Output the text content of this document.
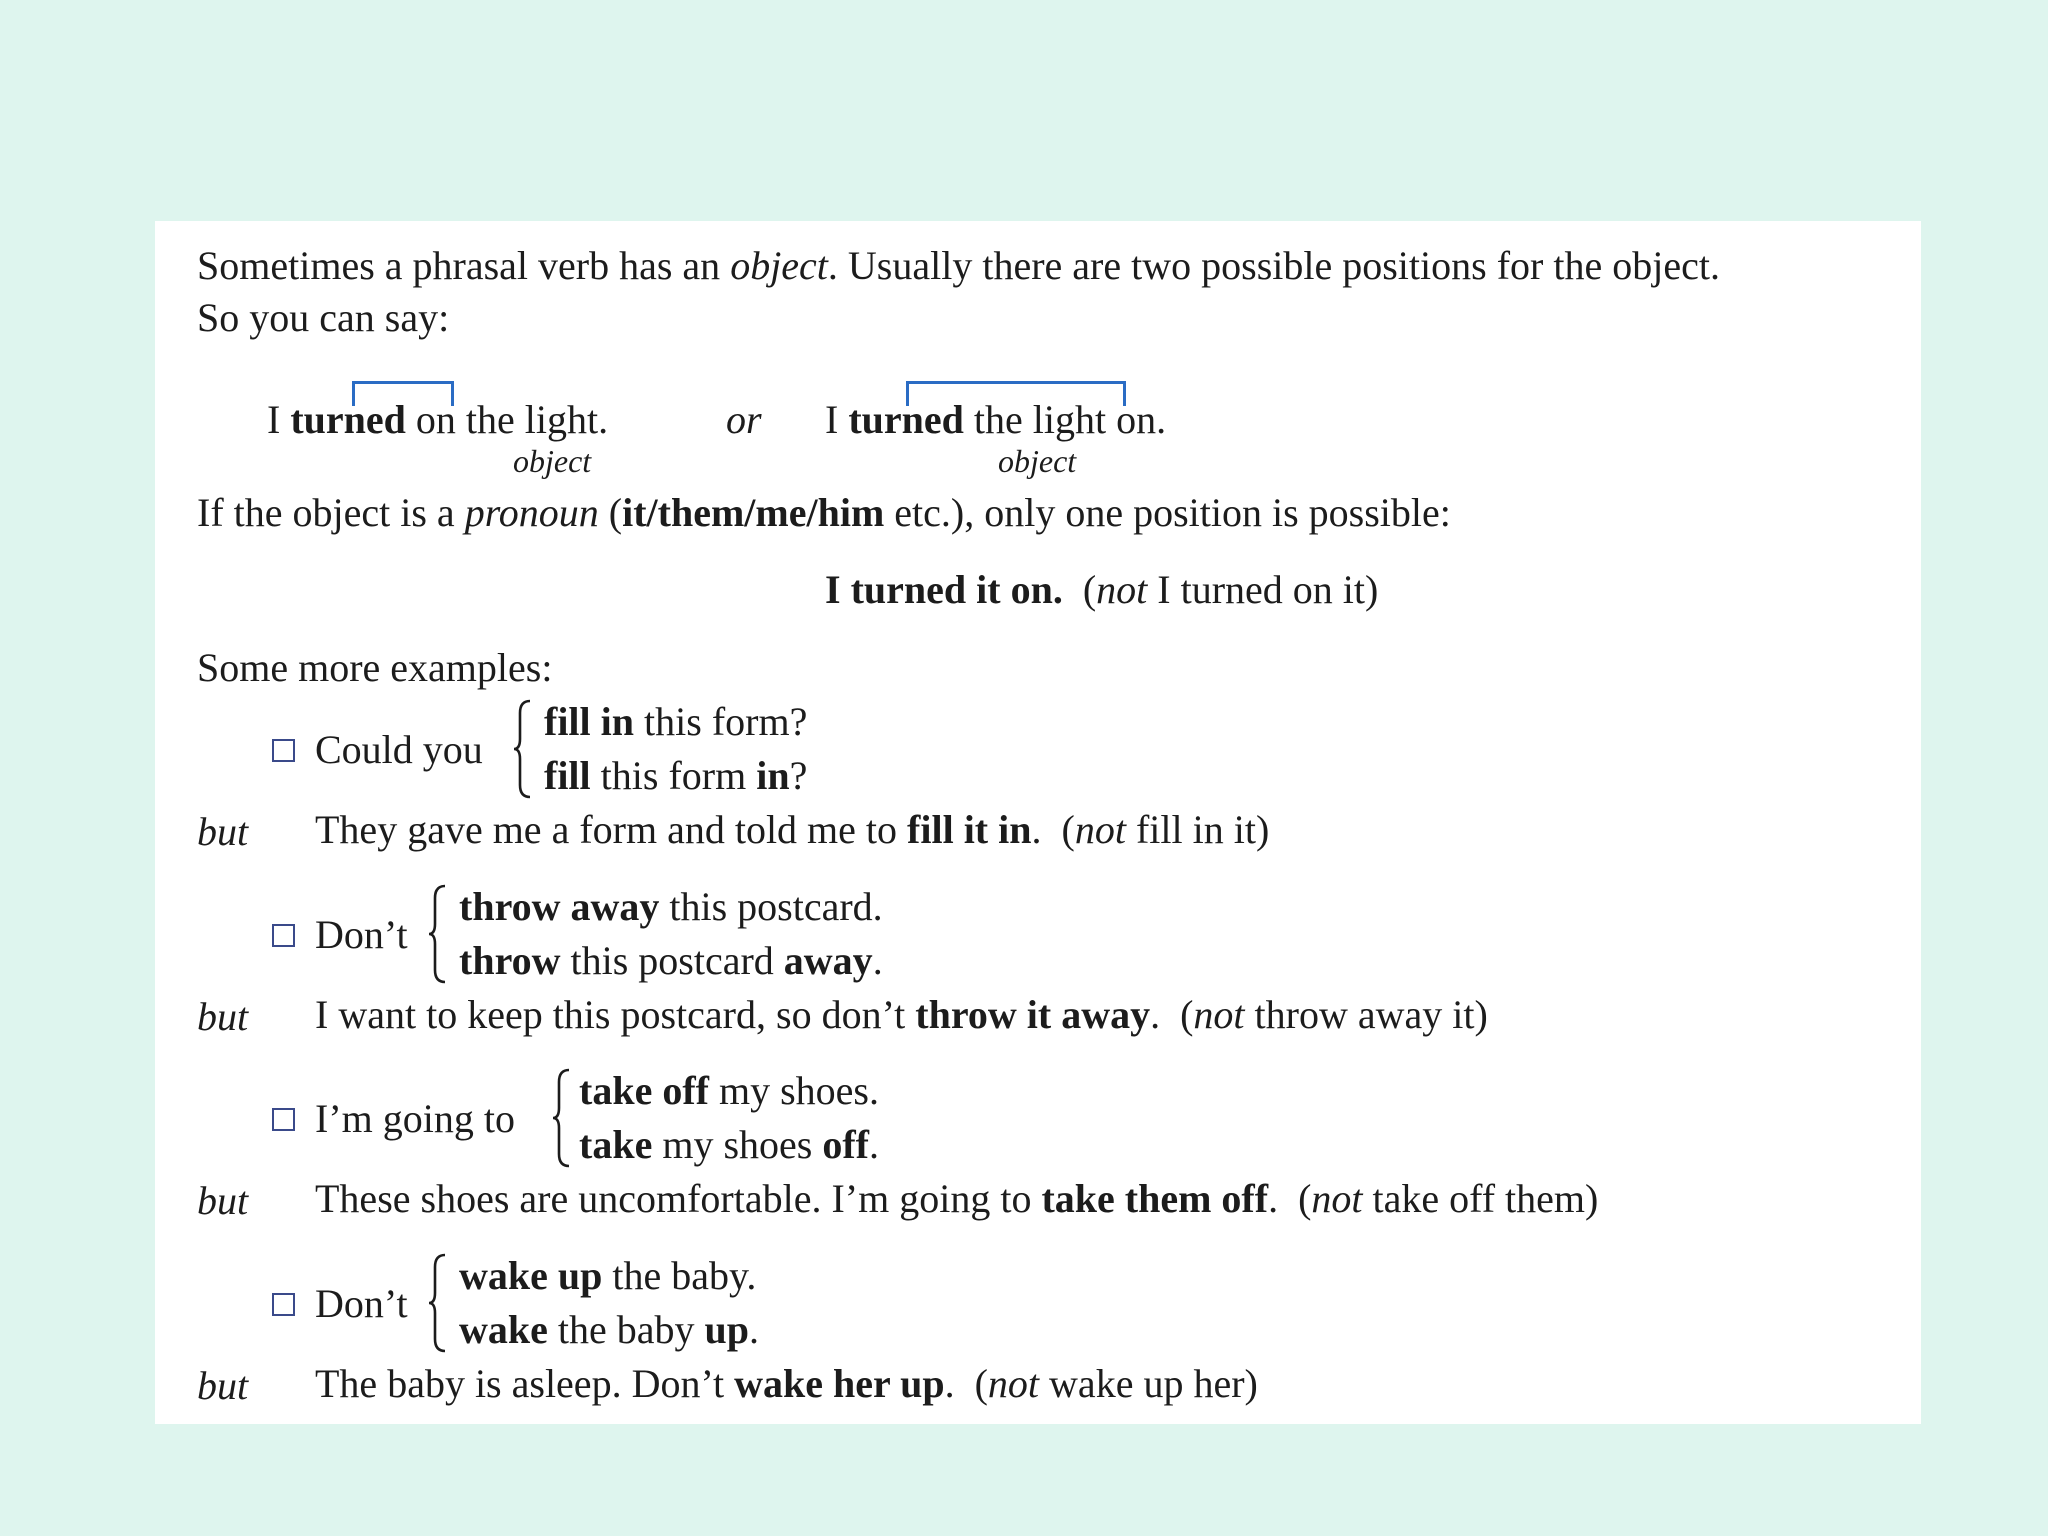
Sometimes a phrasal verb has an object. Usually there are two possible positions for the object.
So you can say:
I turned on the light.
object
or I turned the light on.
object
If the object is a pronoun (it/them/me/him etc.), only one position is possible:
I turned it on. (not I turned on it)
Some more examples:
Could you
fill in this form?
fill this form in?
but They gave me a form and told me to fill it in. (not fill in it)
Don’t
throw away this postcard.
throw this postcard away.
but I want to keep this postcard, so don’t throw it away. (not throw away it)
I’m going to
take off my shoes.
take my shoes off.
but These shoes are uncomfortable. I’m going to take them off. (not take off them)
Don’t
wake up the baby.
wake the baby up.
but The baby is asleep. Don’t wake her up. (not wake up her)
